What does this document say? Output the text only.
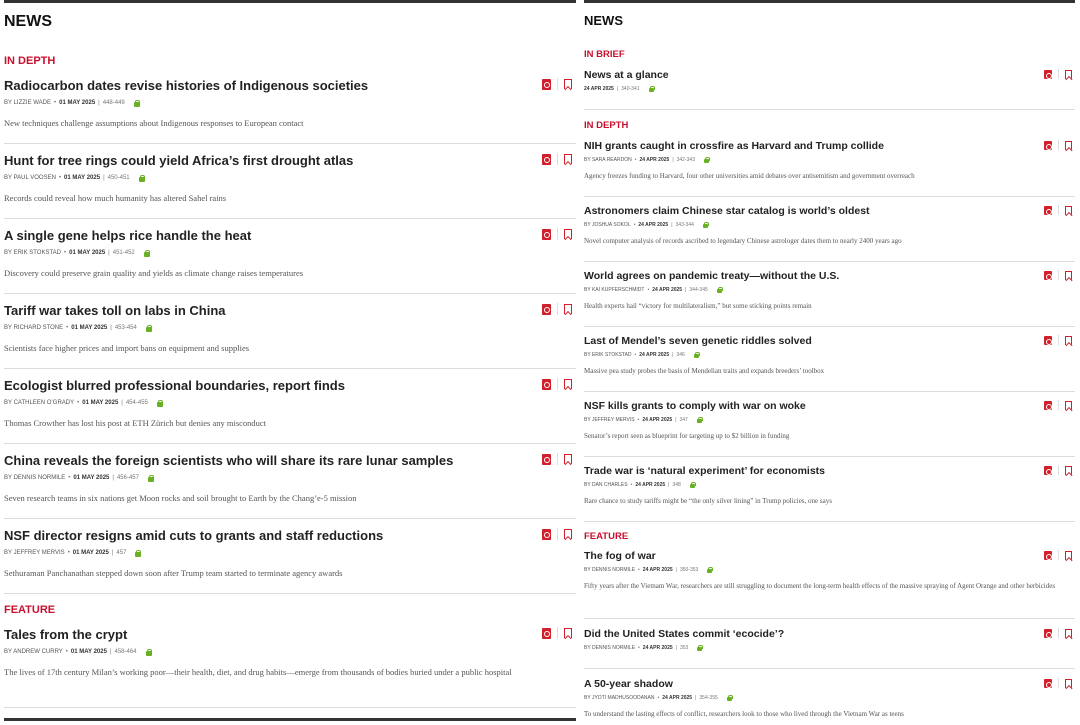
NEWS
IN DEPTH
Radiocarbon dates revise histories of Indigenous societies
BY LIZZIE WADE • 01 MAY 2025 | 448-449
New techniques challenge assumptions about Indigenous responses to European contact
Hunt for tree rings could yield Africa’s first drought atlas
BY PAUL VOOSEN • 01 MAY 2025 | 450-451
Records could reveal how much humanity has altered Sahel rains
A single gene helps rice handle the heat
BY ERIK STOKSTAD • 01 MAY 2025 | 451-452
Discovery could preserve grain quality and yields as climate change raises temperatures
Tariff war takes toll on labs in China
BY RICHARD STONE • 01 MAY 2025 | 453-454
Scientists face higher prices and import bans on equipment and supplies
Ecologist blurred professional boundaries, report finds
BY CATHLEEN O’GRADY • 01 MAY 2025 | 454-455
Thomas Crowther has lost his post at ETH Zürich but denies any misconduct
China reveals the foreign scientists who will share its rare lunar samples
BY DENNIS NORMILE • 01 MAY 2025 | 456-457
Seven research teams in six nations get Moon rocks and soil brought to Earth by the Chang’e-5 mission
NSF director resigns amid cuts to grants and staff reductions
BY JEFFREY MERVIS • 01 MAY 2025 | 457
Sethuraman Panchanathan stepped down soon after Trump team started to terminate agency awards
FEATURE
Tales from the crypt
BY ANDREW CURRY • 01 MAY 2025 | 458-464
The lives of 17th century Milan’s working poor—their health, diet, and drug habits—emerge from thousands of bodies buried under a public hospital
NEWS
IN BRIEF
News at a glance
24 APR 2025 | 340-341
IN DEPTH
NIH grants caught in crossfire as Harvard and Trump collide
BY SARA REARDON • 24 APR 2025 | 342-343
Agency freezes funding to Harvard, four other universities amid debates over antisemitism and government overreach
Astronomers claim Chinese star catalog is world’s oldest
BY JOSHUA SOKOL • 24 APR 2025 | 343-344
Novel computer analysis of records ascribed to legendary Chinese astrologer dates them to nearly 2400 years ago
World agrees on pandemic treaty—without the U.S.
BY KAI KUPFERSCHMIDT • 24 APR 2025 | 344-345
Health experts hail “victory for multilateralism,” but some sticking points remain
Last of Mendel’s seven genetic riddles solved
BY ERIK STOKSTAD • 24 APR 2025 | 346
Massive pea study probes the basis of Mendelian traits and expands breeders’ toolbox
NSF kills grants to comply with war on woke
BY JEFFREY MERVIS • 24 APR 2025 | 347
Senator’s report seen as blueprint for targeting up to $2 billion in funding
Trade war is ‘natural experiment’ for economists
BY DAN CHARLES • 24 APR 2025 | 348
Rare chance to study tariffs might be “the only silver lining” in Trump policies, one says
FEATURE
The fog of war
BY DENNIS NORMILE • 24 APR 2025 | 350-353
Fifty years after the Vietnam War, researchers are still struggling to document the long-term health effects of the massive spraying of Agent Orange and other herbicides
Did the United States commit ‘ecocide’?
BY DENNIS NORMILE • 24 APR 2025 | 353
A 50-year shadow
BY JYOTI MADHUSOODANAN • 24 APR 2025 | 354-355
To understand the lasting effects of conflict, researchers look to those who lived through the Vietnam War as teens
